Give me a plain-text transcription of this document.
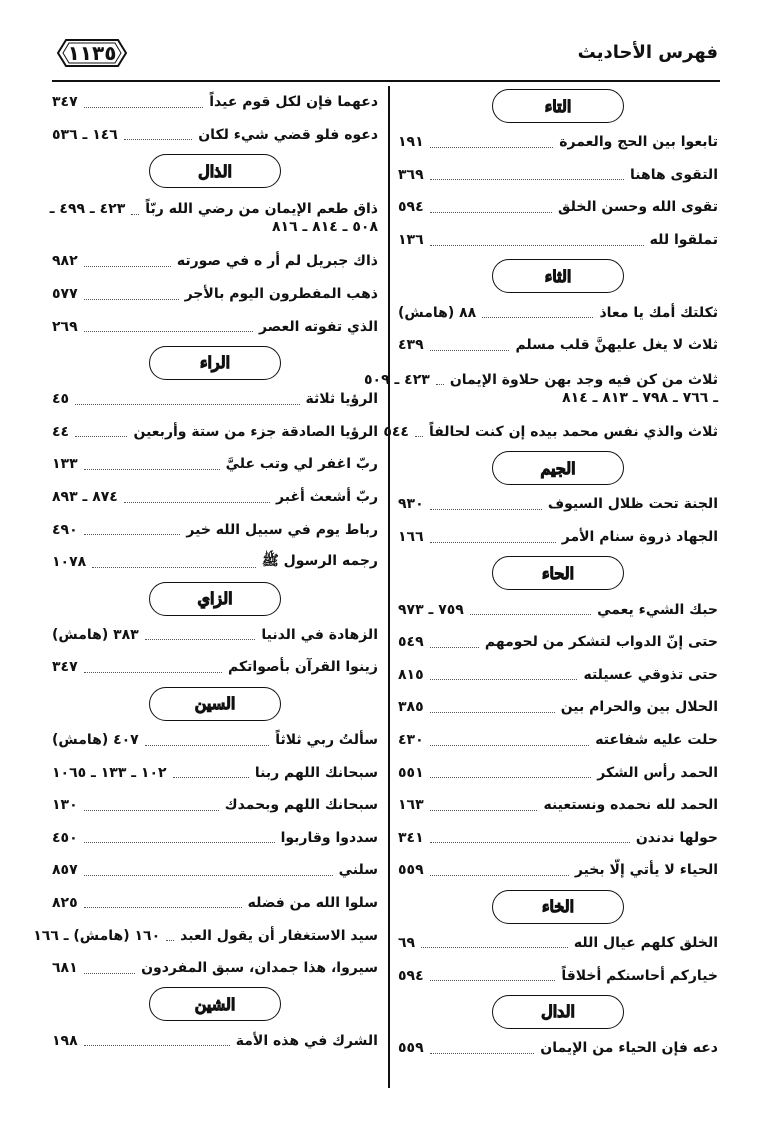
١١٣٥	فهرس الأحاديث
التاء
تابعوا بين الحج والعمرة
١٩١
التقوى هاهنا
٣٦٩
تقوى الله وحسن الخلق
٥٩٤
تملقوا لله
١٣٦
الثاء
ثكلتك أمك يا معاذ
٨٨ (هامش)
ثلاث لا يغل عليهنَّ قلب مسلم
٤٣٩
ثلاث من كن فيه وجد بهن حلاوة الإيمان
٤٢٣ ـ ٥٠٩
ـ ٧٦٦ ـ ٧٩٨ ـ ٨١٣ ـ ٨١٤
ثلاث والذي نفس محمد بيده إن كنت لحالفاً
٥٤٤
الجيم
الجنة تحت ظلال السيوف
٩٣٠
الجهاد ذروة سنام الأمر
١٦٦
الحاء
حبك الشيء يعمي
٧٥٩ ـ ٩٧٣
حتى إنّ الدواب لتشكر من لحومهم
٥٤٩
حتى تذوقي عسيلته
٨١٥
الحلال بين والحرام بين
٣٨٥
حلت عليه شفاعته
٤٣٠
الحمد رأس الشكر
٥٥١
الحمد لله نحمده ونستعينه
١٦٣
حولها ندندن
٣٤١
الحياء لا يأتي إلّا بخير
٥٥٩
الخاء
الخلق كلهم عيال الله
٦٩
خياركم أحاسنكم أخلاقاً
٥٩٤
الدال
دعه فإن الحياء من الإيمان
٥٥٩
دعهما فإن لكل قوم عيداً
٣٤٧
دعوه فلو قضي شيء لكان
١٤٦ ـ ٥٣٦
الذال
ذاق طعم الإيمان من رضي الله ربّاً
٤٢٣ ـ ٤٩٩ ـ
٥٠٨ ـ ٨١٤ ـ ٨١٦
ذاك جبريل لم أر ه في صورته
٩٨٢
ذهب المفطرون اليوم بالأجر
٥٧٧
الذي تفوته العصر
٢٦٩
الراء
الرؤيا ثلاثة
٤٥
الرؤيا الصادقة جزء من ستة وأربعين
٤٤
ربّ اغفر لي وتب عليَّ
١٣٣
ربّ أشعث أغبر
٨٧٤ ـ ٨٩٣
رباط يوم في سبيل الله خير
٤٩٠
رجمه الرسول ﷺ
١٠٧٨
الزاي
الزهادة في الدنيا
٣٨٣ (هامش)
زينوا القرآن بأصواتكم
٣٤٧
السين
سألتُ ربي ثلاثاً
٤٠٧ (هامش)
سبحانك اللهم ربنا
١٠٢ ـ ١٣٣ ـ ١٠٦٥
سبحانك اللهم وبحمدك
١٣٠
سددوا وقاربوا
٤٥٠
سلني
٨٥٧
سلوا الله من فضله
٨٢٥
سيد الاستغفار أن يقول العبد
١٦٠ (هامش) ـ ١٦٦
سيروا، هذا جمدان، سبق المفردون
٦٨١
الشين
الشرك في هذه الأمة
١٩٨
